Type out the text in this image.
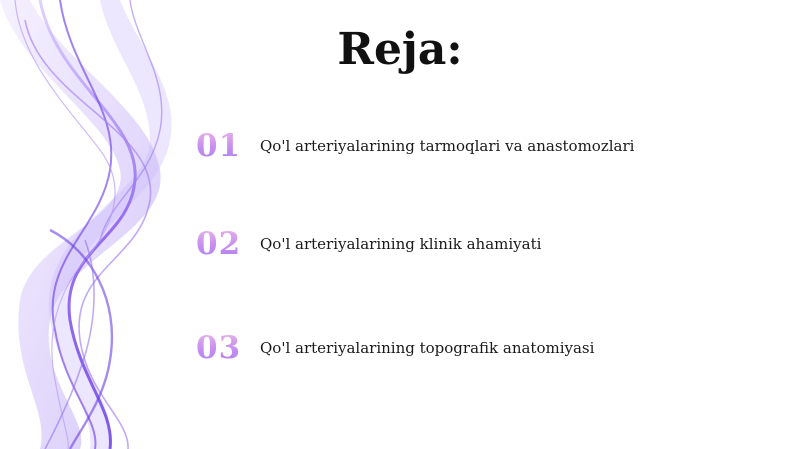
Reja:
01	Qo'l arteriyalarining tarmoqlari va anastomozlari
02	Qo'l arteriyalarining klinik ahamiyati
03	Qo'l arteriyalarining topografik anatomiyasi
